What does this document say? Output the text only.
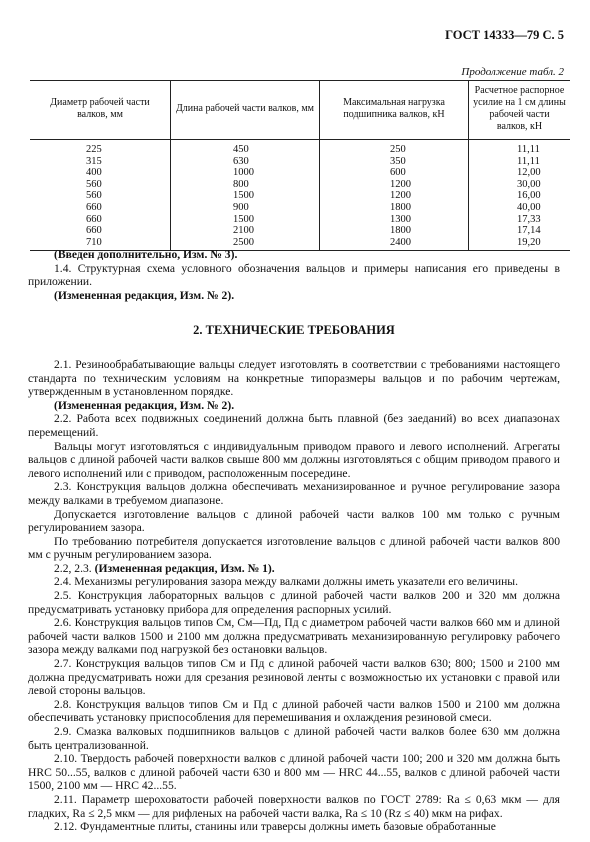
ГОСТ 14333—79 С. 5
Продолжение табл. 2
Диаметр рабочей части валков, мм	Длина рабочей части валков, мм	Максимальная нагрузка подшипника валков, кН	Расчетное распорное усилие на 1 см длины рабочей части валков, кН
225	450	250	11,11
315	630	350	11,11
400	1000	600	12,00
560	800	1200	30,00
560	1500	1200	16,00
660	900	1800	40,00
660	1500	1300	17,33
660	2100	1800	17,14
710	2500	2400	19,20

(Введен дополнительно, Изм. № 3).

1.4. Структурная схема условного обозначения вальцов и примеры написания его приведены в приложении.

(Измененная редакция, Изм. № 2).

2. ТЕХНИЧЕСКИЕ ТРЕБОВАНИЯ

2.1. Резинообрабатывающие вальцы следует изготовлять в соответствии с требованиями настоящего стандарта по техническим условиям на конкретные типоразмеры вальцов и по рабочим чертежам, утвержденным в установленном порядке.

(Измененная редакция, Изм. № 2).

2.2. Работа всех подвижных соединений должна быть плавной (без заеданий) во всех диапазонах перемещений.

Вальцы могут изготовляться с индивидуальным приводом правого и левого исполнений. Агрегаты вальцов с длиной рабочей части валков свыше 800 мм должны изготовляться с общим приводом правого и левого исполнений или с приводом, расположенным посередине.

2.3. Конструкция вальцов должна обеспечивать механизированное и ручное регулирование зазора между валками в требуемом диапазоне.

Допускается изготовление вальцов с длиной рабочей части валков 100 мм только с ручным регулированием зазора.

По требованию потребителя допускается изготовление вальцов с длиной рабочей части валков 800 мм с ручным регулированием зазора.

2.2, 2.3. (Измененная редакция, Изм. № 1).

2.4. Механизмы регулирования зазора между валками должны иметь указатели его величины.

2.5. Конструкция лабораторных вальцов с длиной рабочей части валков 200 и 320 мм должна предусматривать установку прибора для определения распорных усилий.

2.6. Конструкция вальцов типов См, См—Пд, Пд с диаметром рабочей части валков 660 мм и длиной рабочей части валков 1500 и 2100 мм должна предусматривать механизированную регулировку рабочего зазора между валками под нагрузкой без остановки вальцов.

2.7. Конструкция вальцов типов См и Пд с длиной рабочей части валков 630; 800; 1500 и 2100 мм должна предусматривать ножи для срезания резиновой ленты с возможностью их установки с правой или левой стороны вальцов.

2.8. Конструкция вальцов типов См и Пд с длиной рабочей части валков 1500 и 2100 мм должна обеспечивать установку приспособления для перемешивания и охлаждения резиновой смеси.

2.9. Смазка валковых подшипников вальцов с длиной рабочей части валков более 630 мм должна быть централизованной.

2.10. Твердость рабочей поверхности валков с длиной рабочей части 100; 200 и 320 мм должна быть HRC 50...55, валков с длиной рабочей части 630 и 800 мм — HRC 44...55, валков с длиной рабочей части 1500, 2100 мм — HRC 42...55.

2.11. Параметр шероховатости рабочей поверхности валков по ГОСТ 2789: Ra ≤ 0,63 мкм — для гладких, Ra ≤ 2,5 мкм — для рифленых на рабочей части валка, Ra ≤ 10 (Rz ≤ 40) мкм на рифах.

2.12. Фундаментные плиты, станины или траверсы должны иметь базовые обработанные
